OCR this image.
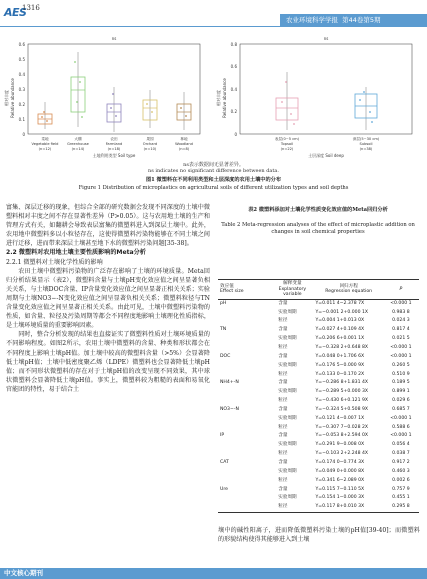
AES
1316
农业环境科学学报 第44卷第5期
相对丰度 Relative abundance
0.6
0.5
0.4
0.3
0.2
0.1
0
ns
菜地
Vegetable field
(n=12)
大棚
Greenhouse
(n=14)
农田
Farmland
(n=18)
果园
Orchard
(n=10)
林地
Woodland
(n=8)
土地利用类型 Soil type
相对丰度 Relative abundance
0.8
0.6
0.4
0.2
0
ns
表层(0~5 cm)
Topsoil
(n=22)
深层(5~30 cm)
Subsoil
(n=38)
土层深度 Soil deep
ns表示数据间无显著差异。
ns indicates no significant difference between data.
图1 微塑料在不同利用类型和土层深度的农用土壤中的分布
Figure 1 Distribution of microplastics on agricultural soils of different utilization types and soil depths

富集、深层迁移的现象，但综合全部的研究数据会发现不同深度的土壤中微塑料相对丰度之间不存在显著性差异（P>0.05）。这与农用地土壤的生产和管理方式有关，如翻耕会导致表层富集的微塑料进入到深层土壤中。此外，农用地中微塑料多以小粒径存在，这使得微塑料污染物能够在不同土壤之间进行迁移，进而带来深层土壤甚至地下水的微塑料污染问题[35-38]。

2.2 微塑料对农用地土壤主要性质影响的Meta分析

2.2.1 微塑料对土壤化学性质的影响

农田土壤中微塑料污染物的广泛存在影响了土壤的环境质量。Meta回归分析结果显示（表2），微塑料含量与土壤pH变化效应值之间呈显著负相关关系，与土壤DOC含量、IP含量变化效应值之间呈显著正相关关系；实验周期与土壤NO3−-N变化效应值之间呈显著负相关关系；微塑料粒径与TN含量变化效应值之间呈显著正相关关系。由此可见，土壤中微塑料污染物的性质，如含量、粒径及污染周期等都会不同程度地影响土壤理化性质指标，是土壤环境质量的重要影响因素。

同时，整合分析发现的结果也直接证实了微塑料性质对土壤环境质量的不同影响程度。如图2所示，农用土壤中微塑料的含量、种类和形状都会在不同程度上影响土壤pH值。加土壤中较高的微塑料含量（>5%）会显著降低土壤pH值；土壤中低密度聚乙烯（LDPE）微塑料也会显著降低土壤pH值；而不同形状微塑料的存在对于土壤pH值的改变呈现不同效果，其中球状微塑料会显著降低土壤pH值。事实上，微塑料较为粗糙的表面和易氧化官能团的特性，易于结合土

表2 微塑料添加对土壤化学性质变化效应值的Meta回归分析
Table 2 Meta-regression analyses of the effect of microplastic addition on changes in soil chemical properties
效应值
Effect size	解释变量
Explanatory variable	回归方程
Regression equation	P
pH	含量	Y=0.011 4−2.378 7X	<0.000 1
	实验周期	Y=−0.001 2+0.000 1X	0.983 8
	粒径	Y=0.004 1+0.013 0X	0.024 3
TN	含量	Y=0.027 4+0.109 4X	0.817 4
	实验周期	Y=0.206 6+0.001 1X	0.021 5
	粒径	Y=−0.328 2+0.648 8X	<0.000 1
DOC	含量	Y=0.048 0+1.706 6X	<0.000 1
	实验周期	Y=0.176 5−0.000 9X	0.260 5
	粒径	Y=0.133 0−0.170 2X	0.510 9
NH4+-N	含量	Y=−0.286 8+1.831 4X	0.189 5
	实验周期	Y=−0.289 5+0.000 3X	0.899 1
	粒径	Y=−0.430 6+0.121 9X	0.029 6
NO3−-N	含量	Y=−0.324 5+0.508 9X	0.685 7
	实验周期	Y=0.121 4−0.007 1X	<0.000 1
	粒径	Y=−0.307 7−0.028 2X	0.588 6
IP	含量	Y=−0.053 8+2.594 0X	<0.000 1
	实验周期	Y=0.291 9−0.008 0X	0.056 4
	粒径	Y=−0.103 2+2.248 4X	0.038 7
CAT	含量	Y=0.174 0−0.774 3X	0.917 2
	实验周期	Y=0.049 0+0.000 8X	0.460 3
	粒径	Y=0.341 6−2.089 0X	0.002 6
Ure	含量	Y=0.115 7−0.110 5X	0.757 9
	实验周期	Y=0.154 1−0.000 3X	0.455 1
	粒径	Y=0.117 8+0.010 3X	0.295 8

壤中的碱性阳离子，进而降低微塑料污染土壤的pH值[39-40]；而微塑料的形貌结构使得其能够进入到土壤

中文核心期刊
